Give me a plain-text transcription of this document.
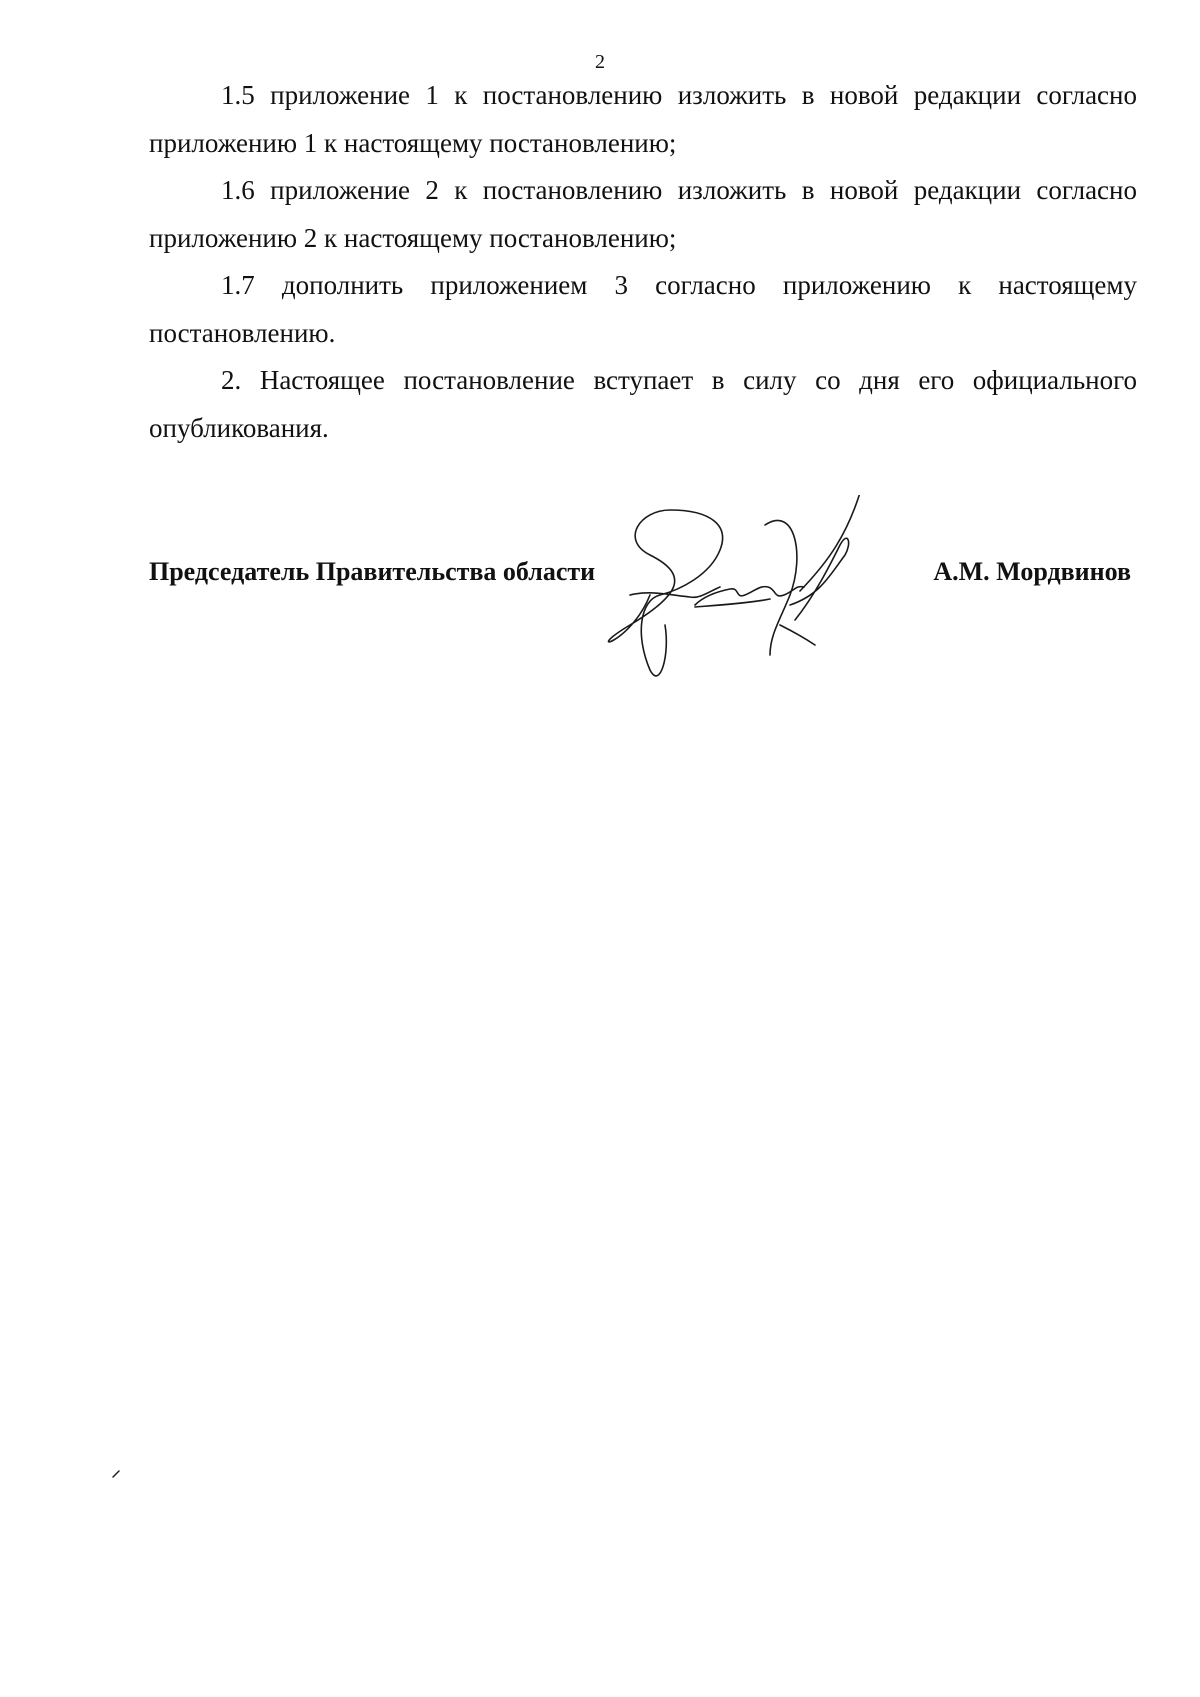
2

1.5 приложение 1 к постановлению изложить в новой редакции согласно приложению 1 к настоящему постановлению;

1.6 приложение 2 к постановлению изложить в новой редакции согласно приложению 2 к настоящему постановлению;

1.7 дополнить приложением 3 согласно приложению к настоящему постановлению.

2. Настоящее постановление вступает в силу со дня его официального опубликования.

Председатель Правительства области	А.М. Мордвинов
